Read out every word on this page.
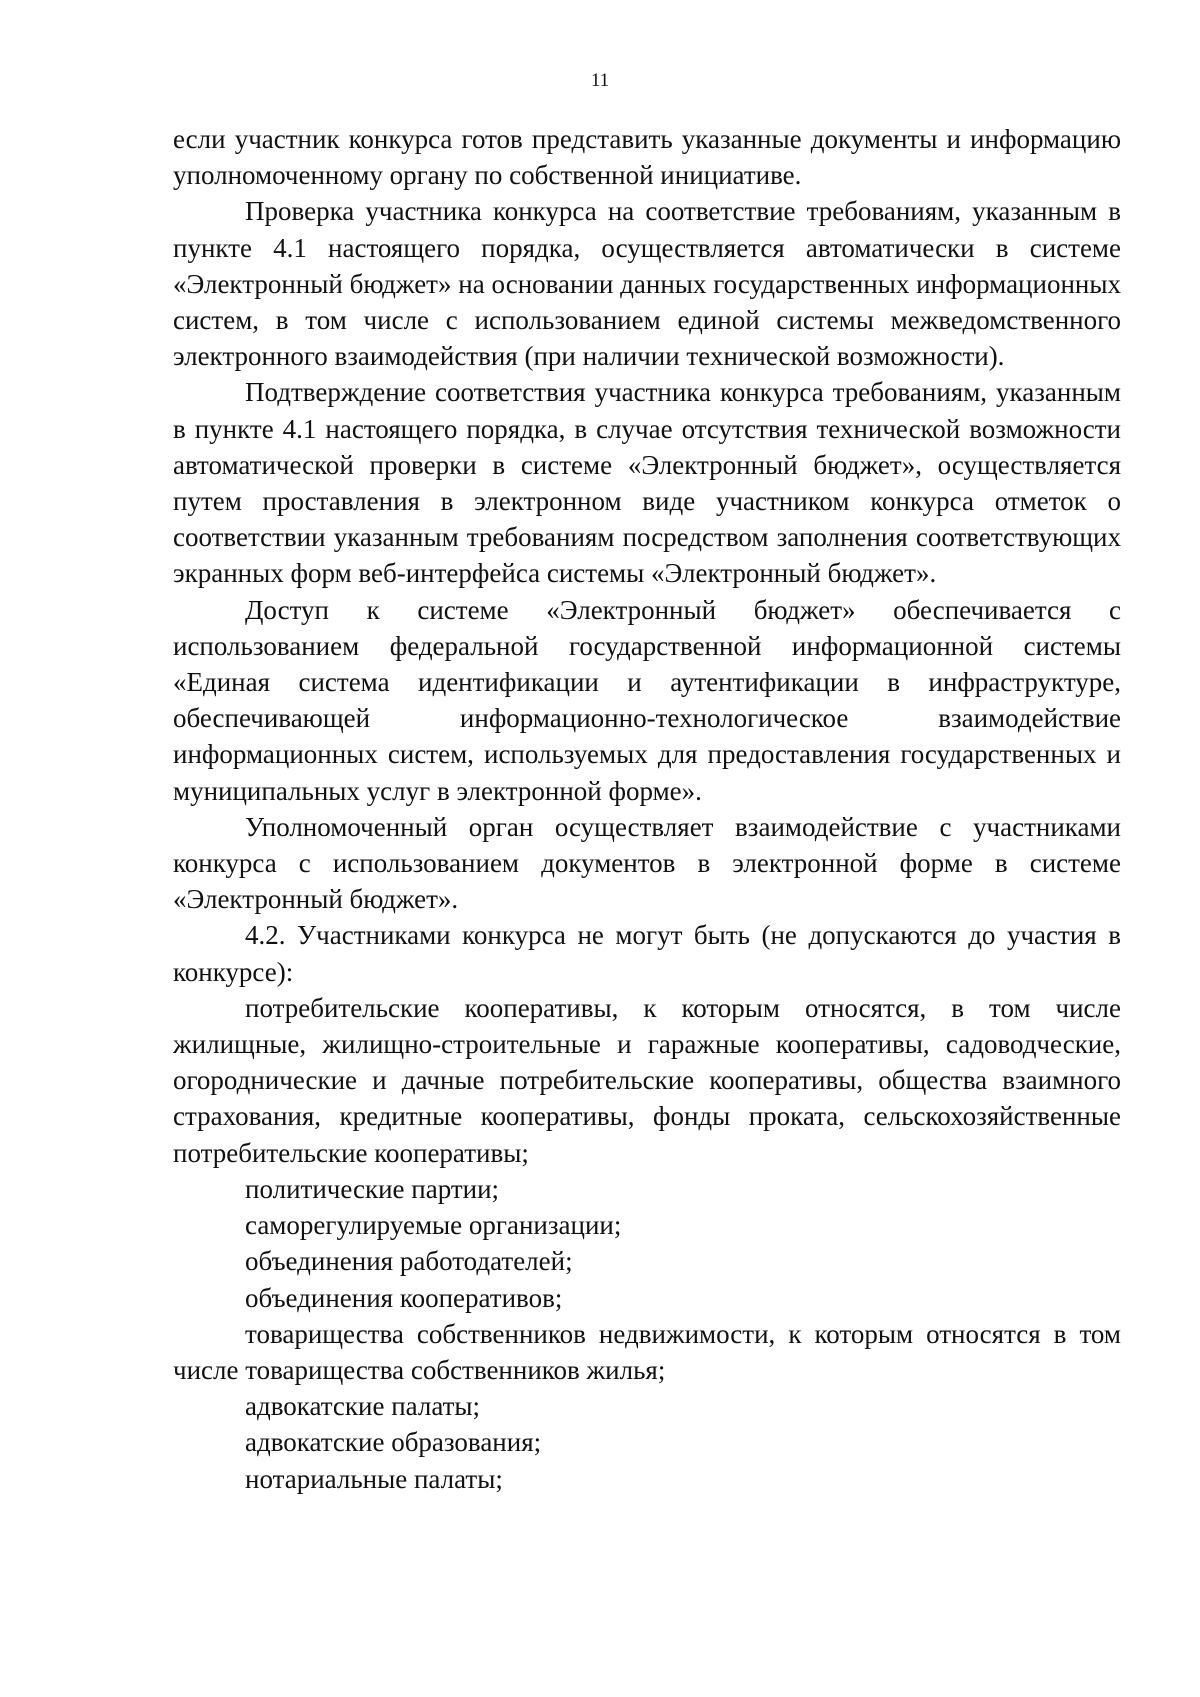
11

если участник конкурса готов представить указанные документы и информацию уполномоченному органу по собственной инициативе.

Проверка участника конкурса на соответствие требованиям, указанным в пункте 4.1 настоящего порядка, осуществляется автоматически в системе «Электронный бюджет» на основании данных государственных информационных систем, в том числе с использованием единой системы межведомственного электронного взаимодействия (при наличии технической возможности).

Подтверждение соответствия участника конкурса требованиям, указанным в пункте 4.1 настоящего порядка, в случае отсутствия технической возможности автоматической проверки в системе «Электронный бюджет», осуществляется путем проставления в электронном виде участником конкурса отметок о соответствии указанным требованиям посредством заполнения соответствующих экранных форм веб-интерфейса системы «Электронный бюджет».

Доступ к системе «Электронный бюджет» обеспечивается с использованием федеральной государственной информационной системы «Единая система идентификации и аутентификации в инфраструктуре, обеспечивающей информационно-технологическое взаимодействие информационных систем, используемых для предоставления государственных и муниципальных услуг в электронной форме».

Уполномоченный орган осуществляет взаимодействие с участниками конкурса с использованием документов в электронной форме в системе «Электронный бюджет».

4.2. Участниками конкурса не могут быть (не допускаются до участия в конкурсе):

потребительские кооперативы, к которым относятся, в том числе жилищные, жилищно-строительные и гаражные кооперативы, садоводческие, огороднические и дачные потребительские кооперативы, общества взаимного страхования, кредитные кооперативы, фонды проката, сельскохозяйственные потребительские кооперативы;

политические партии;

саморегулируемые организации;

объединения работодателей;

объединения кооперативов;

товарищества собственников недвижимости, к которым относятся в том числе товарищества собственников жилья;

адвокатские палаты;

адвокатские образования;

нотариальные палаты;
